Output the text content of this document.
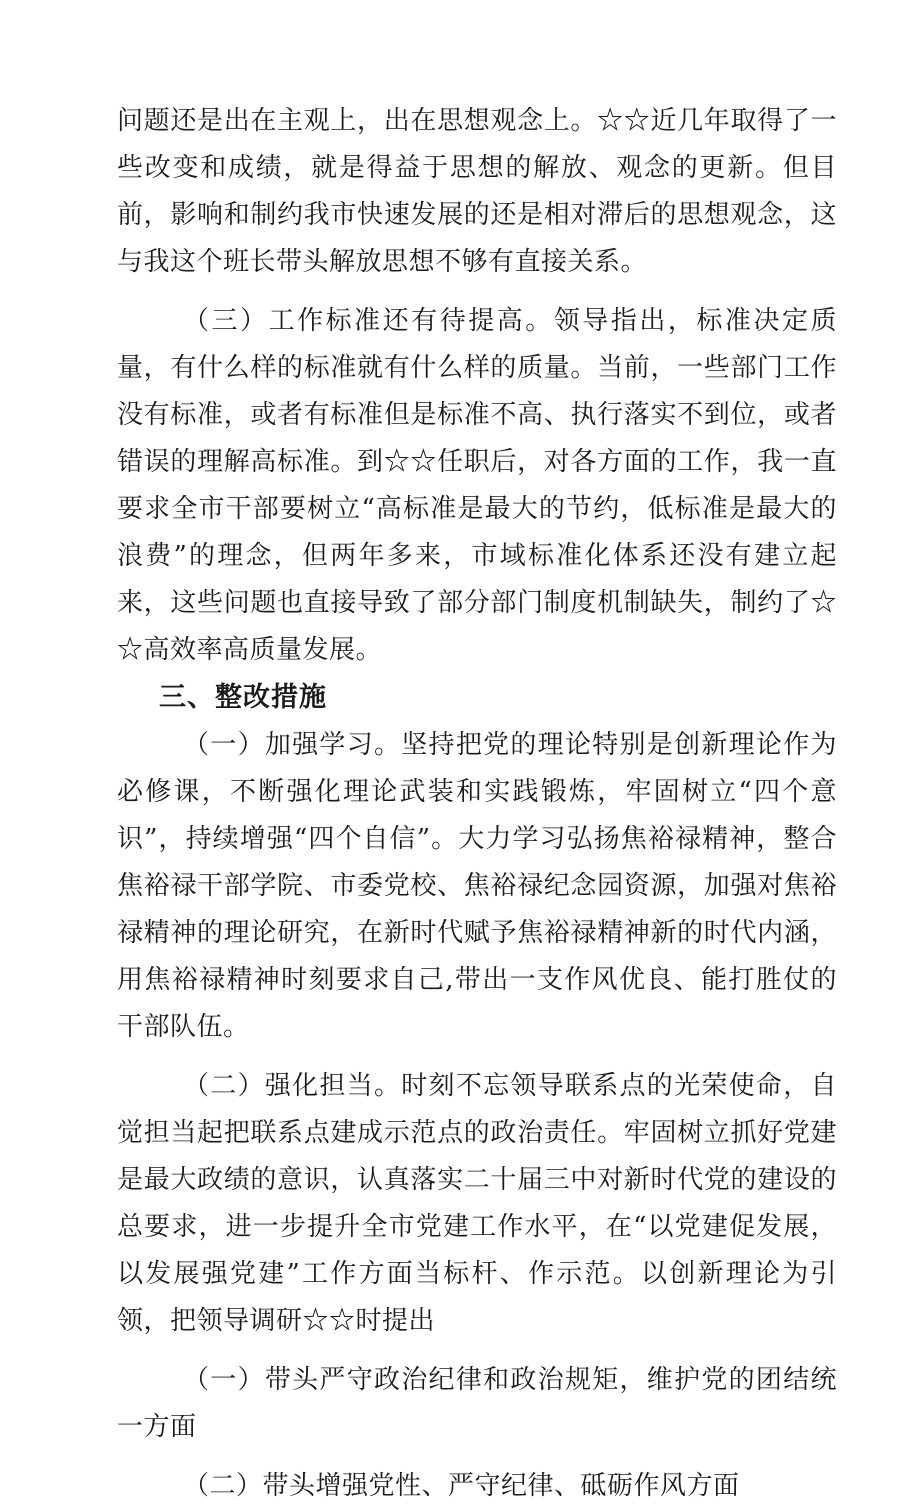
问题还是出在主观上，出在思想观念上。☆☆近几年取得了一些改变和成绩，就是得益于思想的解放、观念的更新。但目前，影响和制约我市快速发展的还是相对滞后的思想观念，这与我这个班长带头解放思想不够有直接关系。

（三）工作标准还有待提高。领导指出，标准决定质量，有什么样的标准就有什么样的质量。当前，一些部门工作没有标准，或者有标准但是标准不高、执行落实不到位，或者错误的理解高标准。到☆☆任职后，对各方面的工作，我一直要求全市干部要树立“高标准是最大的节约，低标准是最大的浪费”的理念，但两年多来，市域标准化体系还没有建立起来，这些问题也直接导致了部分部门制度机制缺失，制约了☆☆高效率高质量发展。

三、整改措施

（一）加强学习。坚持把党的理论特别是创新理论作为必修课，不断强化理论武装和实践锻炼，牢固树立“四个意识”，持续增强“四个自信”。大力学习弘扬焦裕禄精神，整合焦裕禄干部学院、市委党校、焦裕禄纪念园资源，加强对焦裕禄精神的理论研究，在新时代赋予焦裕禄精神新的时代内涵，用焦裕禄精神时刻要求自己,带出一支作风优良、能打胜仗的干部队伍。

（二）强化担当。时刻不忘领导联系点的光荣使命，自觉担当起把联系点建成示范点的政治责任。牢固树立抓好党建是最大政绩的意识，认真落实二十届三中对新时代党的建设的总要求，进一步提升全市党建工作水平，在“以党建促发展，以发展强党建”工作方面当标杆、作示范。以创新理论为引领，把领导调研☆☆时提出

（一）带头严守政治纪律和政治规矩，维护党的团结统一方面

（二）带头增强党性、严守纪律、砥砺作风方面
